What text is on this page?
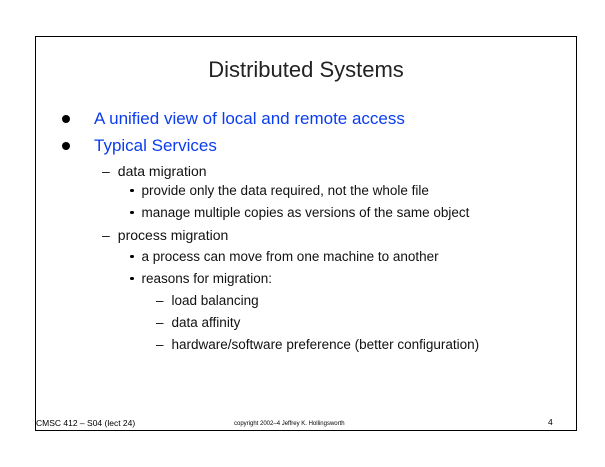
Distributed Systems
A unified view of local and remote access
Typical Services
– data migration
provide only the data required, not the whole file
manage multiple copies as versions of the same object
– process migration
a process can move from one machine to another
reasons for migration:
– load balancing
– data affinity
– hardware/software preference (better configuration)
CMSC 412 – S04 (lect 24)	copyright 2002–4 Jeffrey K. Hollingsworth	4
